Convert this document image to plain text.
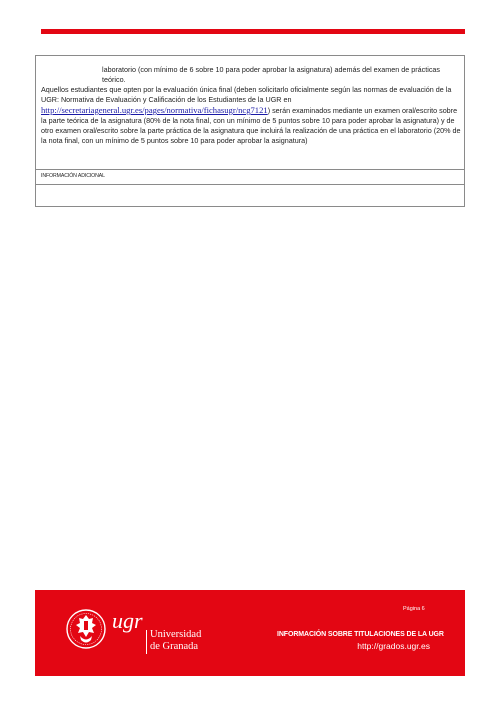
laboratorio (con mínimo de 6 sobre 10 para poder aprobar la asignatura) además del examen de prácticas teórico.

Aquellos estudiantes que opten por la evaluación única final (deben solicitarlo oficialmente según las normas de evaluación de la UGR: Normativa de Evaluación y Calificación de los Estudiantes de la UGR en http://secretariageneral.ugr.es/pages/normativa/fichasugr/ncg7121) serán examinados mediante un examen oral/escrito sobre la parte teórica de la asignatura (80% de la nota final, con un mínimo de 5 puntos sobre 10 para poder aprobar la asignatura) y de otro examen oral/escrito sobre la parte práctica de la asignatura que incluirá la realización de una práctica en el laboratorio (20% de la nota final, con un mínimo de 5 puntos sobre 10 para poder aprobar la asignatura)

INFORMACIÓN ADICIONAL
Página 6
ugr
Universidad
de Granada
INFORMACIÓN SOBRE TITULACIONES DE LA UGR
http://grados.ugr.es
